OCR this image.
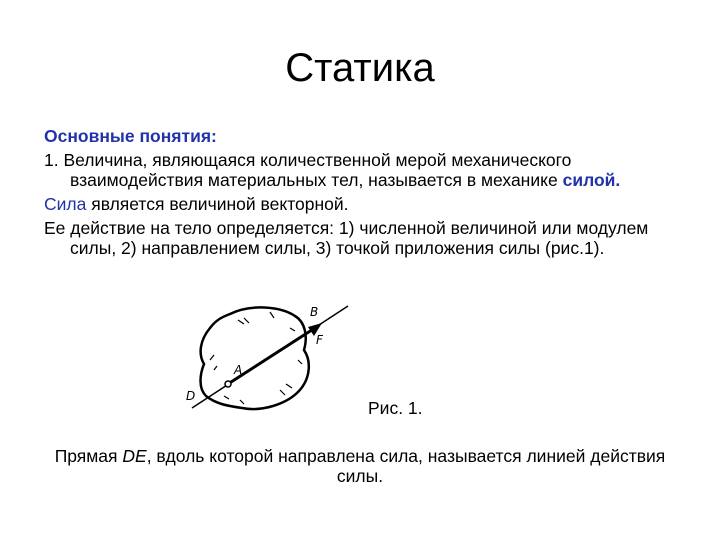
Статика

Основные понятия:

1. Величина, являющаяся количественной мерой механического взаимодействия материальных тел, называется в механике силой.

Сила является величиной векторной.

Ее действие на тело определяется: 1) численной величиной или модулем силы, 2) направлением силы, 3) точкой приложения силы (рис.1).

B
F
A
D
Рис. 1.
Прямая DE, вдоль которой направлена сила, называется линией действия силы.
